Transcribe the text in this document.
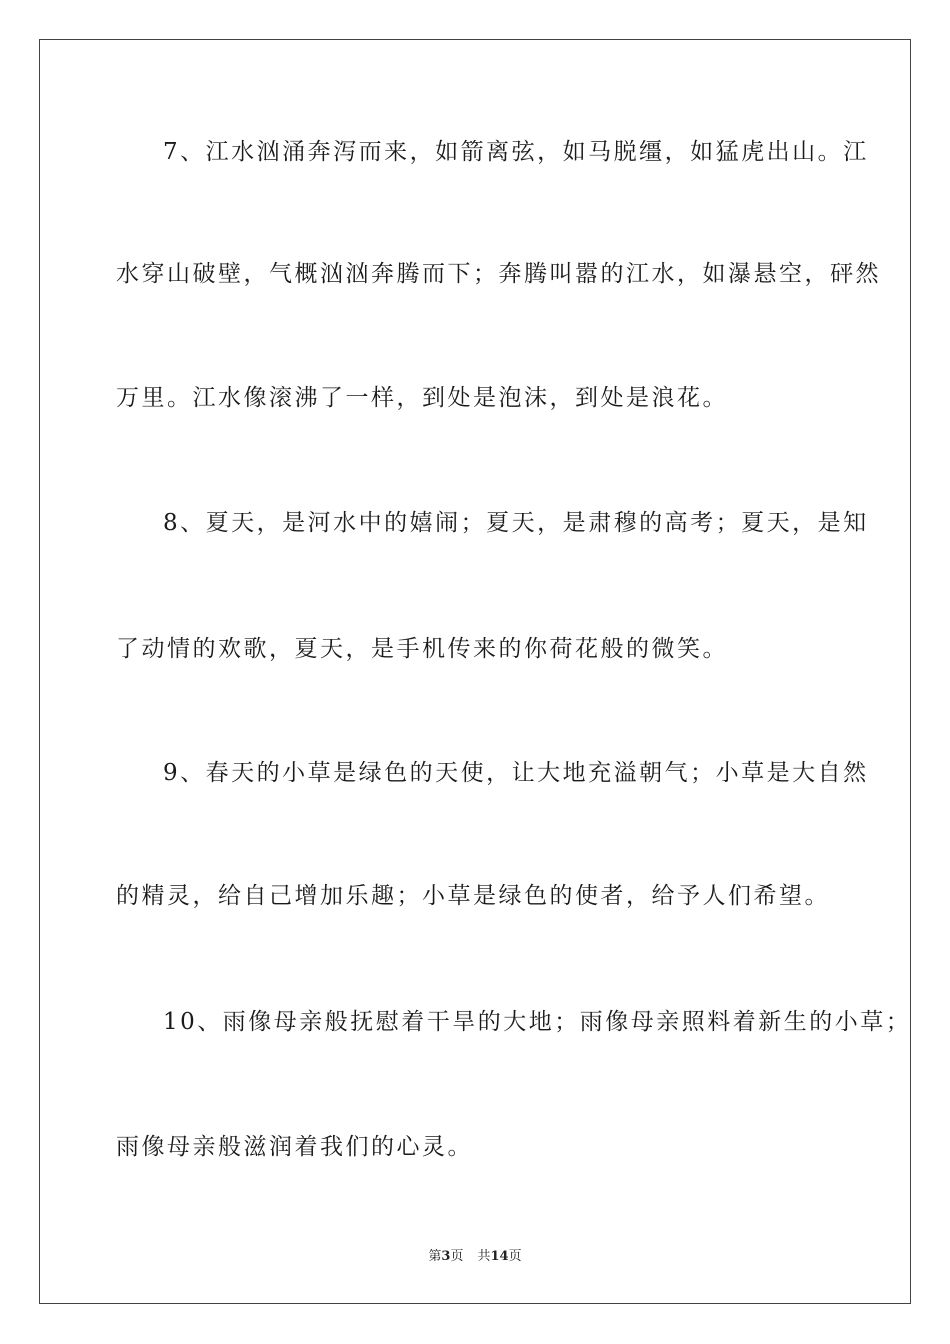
7、江水汹涌奔泻而来，如箭离弦，如马脱缰，如猛虎出山。江
水穿山破壁，气概汹汹奔腾而下；奔腾叫嚣的江水，如瀑悬空，砰然
万里。江水像滚沸了一样，到处是泡沫，到处是浪花。
8、夏天，是河水中的嬉闹；夏天，是肃穆的高考；夏天，是知
了动情的欢歌，夏天，是手机传来的你荷花般的微笑。
9、春天的小草是绿色的天使，让大地充溢朝气；小草是大自然
的精灵，给自己增加乐趣；小草是绿色的使者，给予人们希望。
10、雨像母亲般抚慰着干旱的大地；雨像母亲照料着新生的小草；
雨像母亲般滋润着我们的心灵。
第3页 共14页
